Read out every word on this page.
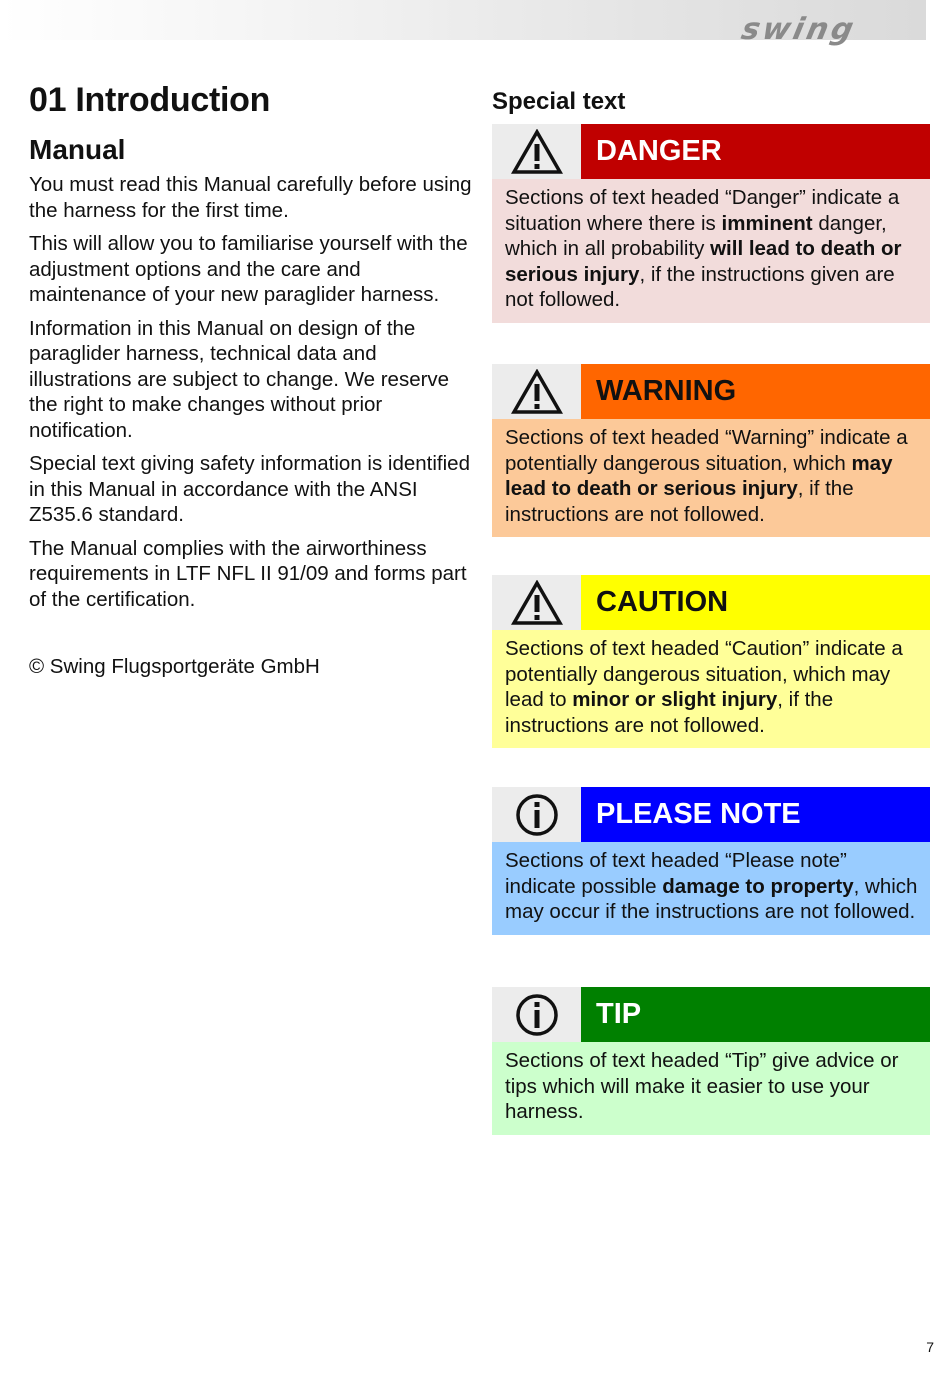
swing
01 Introduction
Manual

You must read this Manual carefully before using the harness for the first time.

This will allow you to familiarise yourself with the adjustment options and the care and maintenance of your new paraglider harness.

Information in this Manual on design of the paraglider harness, technical data and illustrations are subject to change. We reserve the right to make changes without prior notification.

Special text giving safety information is identified in this Manual in accordance with the ANSI Z535.6 standard.

The Manual complies with the airworthiness requirements in LTF NFL II 91/09 and forms part of the certification.

© Swing Flugsportgeräte GmbH
Special text
DANGER
Sections of text headed “Danger” indicate a situation where there is imminent danger, which in all probability will lead to death or serious injury, if the instructions given are not followed.
WARNING
Sections of text headed “Warning” indicate a potentially dangerous situation, which may lead to death or serious injury, if the instructions are not followed.
CAUTION
Sections of text headed “Caution” indicate a potentially dangerous situation, which may lead to minor or slight injury, if the instructions are not followed.
PLEASE NOTE
Sections of text headed “Please note” indicate possible damage to property, which may occur if the instructions are not followed.
TIP
Sections of text headed “Tip” give advice or tips which will make it easier to use your harness.
7
